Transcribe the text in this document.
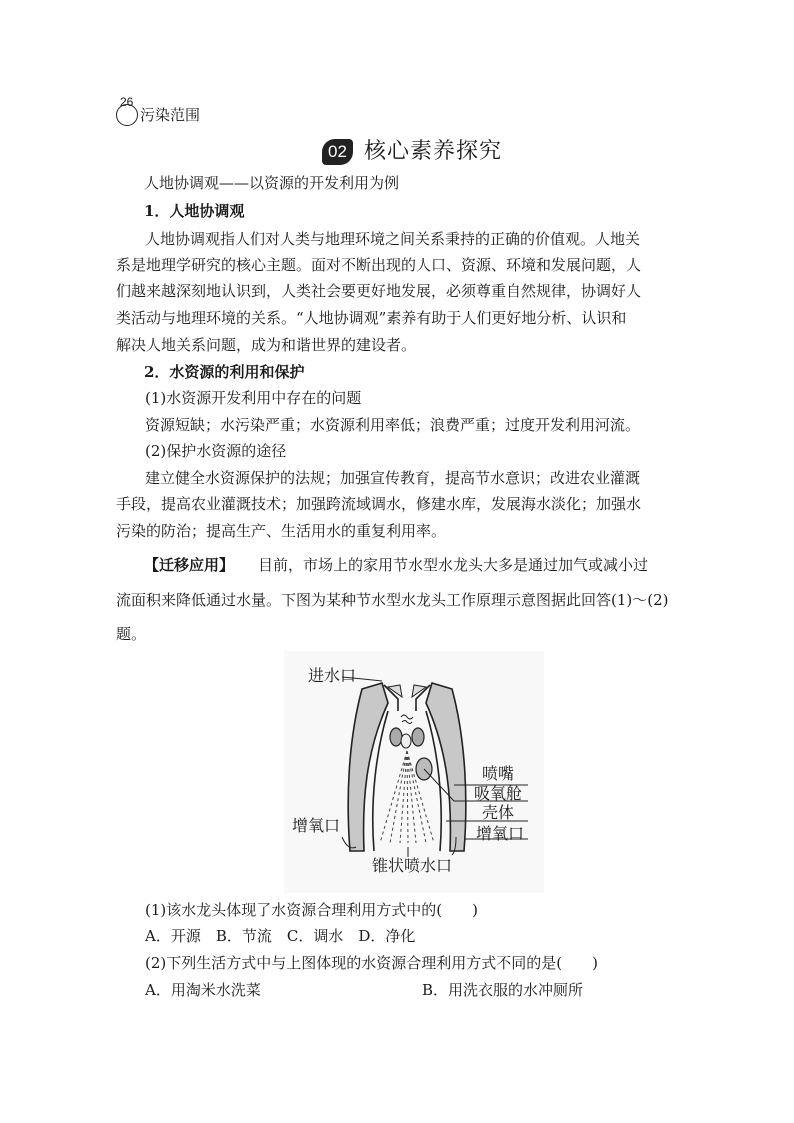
26
污染范围
02 核心素养探究
人地协调观——以资源的开发利用为例
1．人地协调观
人地协调观指人们对人类与地理环境之间关系秉持的正确的价值观。人地关
系是地理学研究的核心主题。面对不断出现的人口、资源、环境和发展问题，人
们越来越深刻地认识到，人类社会要更好地发展，必须尊重自然规律，协调好人
类活动与地理环境的关系。“人地协调观”素养有助于人们更好地分析、认识和
解决人地关系问题，成为和谐世界的建设者。
2．水资源的利用和保护
(1)水资源开发利用中存在的问题
资源短缺；水污染严重；水资源利用率低；浪费严重；过度开发利用河流。
(2)保护水资源的途径
建立健全水资源保护的法规；加强宣传教育，提高节水意识；改进农业灌溉
手段，提高农业灌溉技术；加强跨流域调水，修建水库，发展海水淡化；加强水
污染的防治；提高生产、生活用水的重复利用率。
【迁移应用】 目前，市场上的家用节水型水龙头大多是通过加气或减小过
流面积来降低通过水量。下图为某种节水型水龙头工作原理示意图据此回答(1)～(2)
题。
进水口
喷嘴
吸氧舱
壳体
增氧口	增氧口
锥状喷水口
(1)该水龙头体现了水资源合理利用方式中的(　　)
A．开源　B．节流　C．调水　D．净化
(2)下列生活方式中与上图体现的水资源合理利用方式不同的是(　　)
A．用淘米水洗菜	B．用洗衣服的水冲厕所
